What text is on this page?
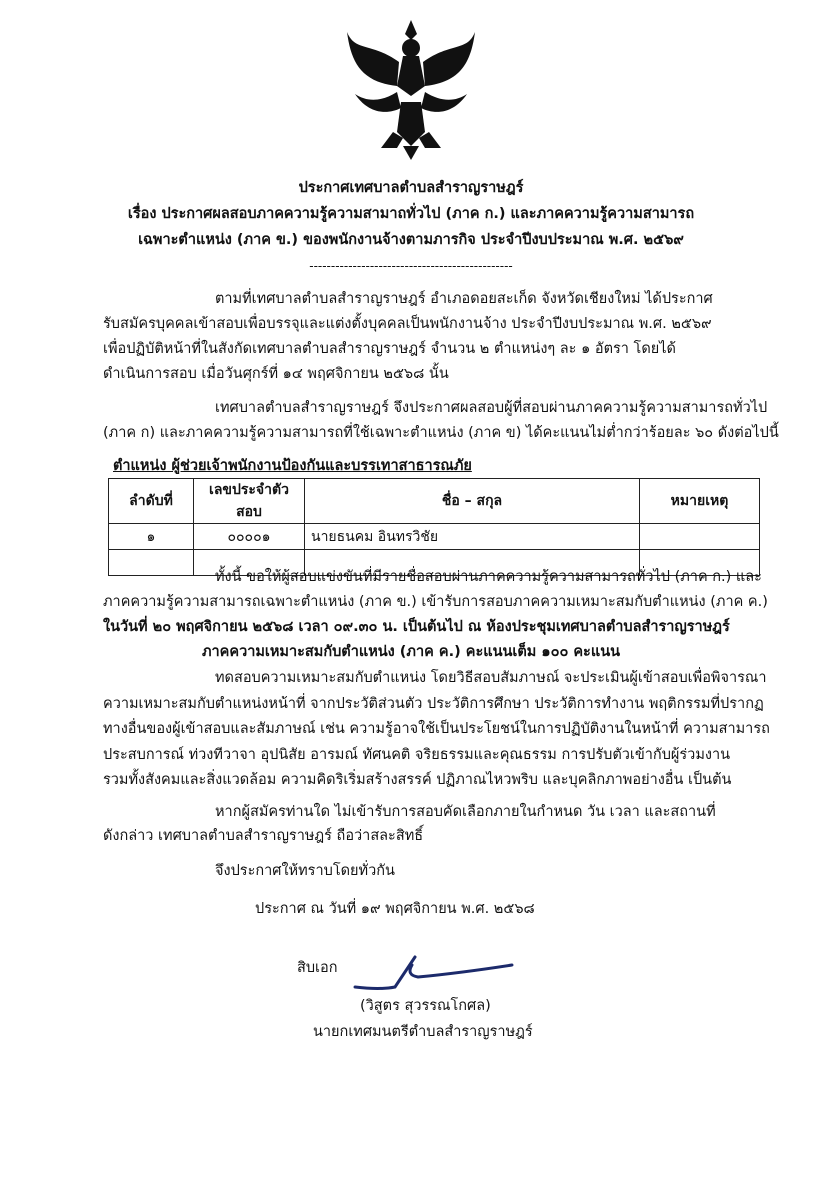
ประกาศเทศบาลตำบลสำราญราษฎร์
เรื่อง ประกาศผลสอบภาคความรู้ความสามาถทั่วไป (ภาค ก.) และภาคความรู้ความสามารถ
เฉพาะตำแหน่ง (ภาค ข.) ของพนักงานจ้างตามภารกิจ ประจำปีงบประมาณ พ.ศ. ๒๕๖๙
-----------------------------------------------
ตามที่เทศบาลตำบลสำราญราษฎร์ อำเภอดอยสะเก็ด จังหวัดเชียงใหม่ ได้ประกาศ
รับสมัครบุคคลเข้าสอบเพื่อบรรจุและแต่งตั้งบุคคลเป็นพนักงานจ้าง ประจำปีงบประมาณ พ.ศ. ๒๕๖๙
เพื่อปฏิบัติหน้าที่ในสังกัดเทศบาลตำบลสำราญราษฎร์ จำนวน ๒ ตำแหน่งๆ ละ ๑ อัตรา โดยได้
ดำเนินการสอบ เมื่อวันศุกร์ที่ ๑๔ พฤศจิกายน ๒๕๖๘ นั้น
เทศบาลตำบลสำราญราษฎร์ จึงประกาศผลสอบผู้ที่สอบผ่านภาคความรู้ความสามารถทั่วไป
(ภาค ก) และภาคความรู้ความสามารถที่ใช้เฉพาะตำแหน่ง (ภาค ข) ได้คะแนนไม่ต่ำกว่าร้อยละ ๖๐ ดังต่อไปนี้
ตำแหน่ง ผู้ช่วยเจ้าพนักงานป้องกันและบรรเทาสาธารณภัย
ลำดับที่	เลขประจำตัวสอบ	ชื่อ – สกุล	หมายเหตุ
๑	๐๐๐๐๑	นายธนคม อินทรวิชัย	

ทั้งนี้ ขอให้ผู้สอบแข่งขันที่มีรายชื่อสอบผ่านภาคความรู้ความสามารถทั่วไป (ภาค ก.) และ
ภาคความรู้ความสามารถเฉพาะตำแหน่ง (ภาค ข.) เข้ารับการสอบภาคความเหมาะสมกับตำแหน่ง (ภาค ค.)
ในวันที่ ๒๐ พฤศจิกายน ๒๕๖๘ เวลา ๐๙.๓๐ น. เป็นต้นไป ณ ห้องประชุมเทศบาลตำบลสำราญราษฎร์
ภาคความเหมาะสมกับตำแหน่ง (ภาค ค.) คะแนนเต็ม ๑๐๐ คะแนน
ทดสอบความเหมาะสมกับตำแหน่ง โดยวิธีสอบสัมภาษณ์ จะประเมินผู้เข้าสอบเพื่อพิจารณา
ความเหมาะสมกับตำแหน่งหน้าที่ จากประวัติส่วนตัว ประวัติการศึกษา ประวัติการทำงาน พฤติกรรมที่ปรากฏ
ทางอื่นของผู้เข้าสอบและสัมภาษณ์ เช่น ความรู้อาจใช้เป็นประโยชน์ในการปฏิบัติงานในหน้าที่ ความสามารถ
ประสบการณ์ ท่วงทีวาจา อุปนิสัย อารมณ์ ทัศนคติ จริยธรรมและคุณธรรม การปรับตัวเข้ากับผู้ร่วมงาน
รวมทั้งสังคมและสิ่งแวดล้อม ความคิดริเริ่มสร้างสรรค์ ปฏิภาณไหวพริบ และบุคลิกภาพอย่างอื่น เป็นต้น
หากผู้สมัครท่านใด ไม่เข้ารับการสอบคัดเลือกภายในกำหนด วัน เวลา และสถานที่
ดังกล่าว เทศบาลตำบลสำราญราษฎร์ ถือว่าสละสิทธิ์
จึงประกาศให้ทราบโดยทั่วกัน
ประกาศ ณ วันที่ ๑๙ พฤศจิกายน พ.ศ. ๒๕๖๘
สิบเอก
(วิสูตร สุวรรณโกศล)
นายกเทศมนตรีตำบลสำราญราษฎร์
